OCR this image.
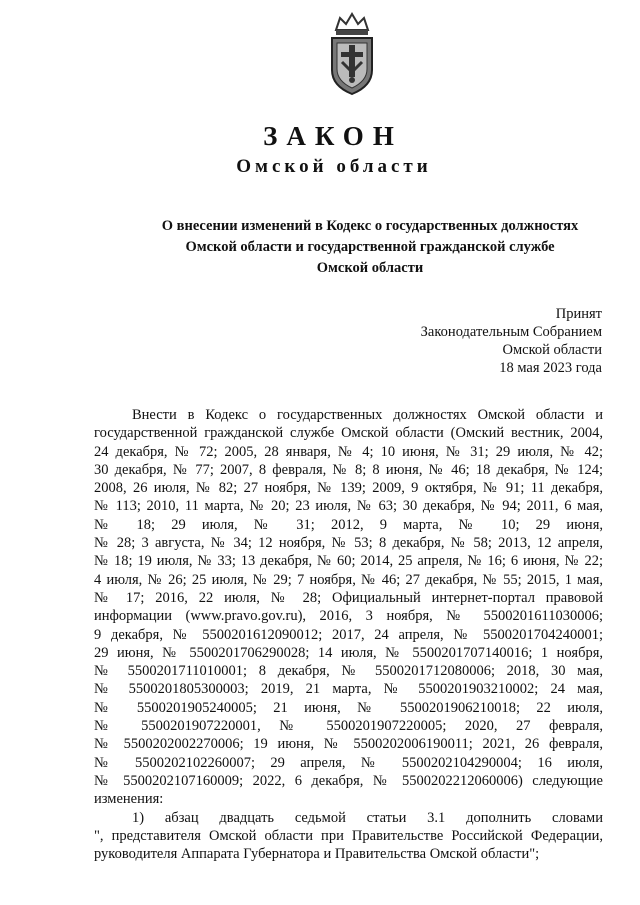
ЗАКОН
Омской области
О внесении изменений в Кодекс о государственных должностях
Омской области и государственной гражданской службе
Омской области
Принят
Законодательным Собранием
Омской области
18 мая 2023 года
Внести в Кодекс о государственных должностях Омской области и
государственной гражданской службе Омской области (Омский вестник, 2004,
24 декабря, № 72; 2005, 28 января, № 4; 10 июня, № 31; 29 июля, № 42;
30 декабря, № 77; 2007, 8 февраля, № 8; 8 июня, № 46; 18 декабря, № 124;
2008, 26 июля, № 82; 27 ноября, № 139; 2009, 9 октября, № 91; 11 декабря,
№ 113; 2010, 11 марта, № 20; 23 июля, № 63; 30 декабря, № 94; 2011, 6 мая,
№ 18; 29 июля, № 31; 2012, 9 марта, № 10; 29 июня,
№ 28; 3 августа, № 34; 12 ноября, № 53; 8 декабря, № 58; 2013, 12 апреля,
№ 18; 19 июля, № 33; 13 декабря, № 60; 2014, 25 апреля, № 16; 6 июня, № 22;
4 июля, № 26; 25 июля, № 29; 7 ноября, № 46; 27 декабря, № 55; 2015, 1 мая,
№ 17; 2016, 22 июля, № 28; Официальный интернет-портал правовой
информации (www.pravo.gov.ru), 2016, 3 ноября, № 5500201611030006;
9 декабря, № 5500201612090012; 2017, 24 апреля, № 5500201704240001;
29 июня, № 5500201706290028; 14 июля, № 5500201707140016; 1 ноября,
№ 5500201711010001; 8 декабря, № 5500201712080006; 2018, 30 мая,
№ 5500201805300003; 2019, 21 марта, № 5500201903210002; 24 мая,
№ 5500201905240005; 21 июня, № 5500201906210018; 22 июля,
№ 5500201907220001, № 5500201907220005; 2020, 27 февраля,
№ 5500202002270006; 19 июня, № 5500202006190011; 2021, 26 февраля,
№ 5500202102260007; 29 апреля, № 5500202104290004; 16 июля,
№ 5500202107160009; 2022, 6 декабря, № 5500202212060006) следующие
изменения:
1) абзац двадцать седьмой статьи 3.1 дополнить словами
", представителя Омской области при Правительстве Российской Федерации,
руководителя Аппарата Губернатора и Правительства Омской области";
